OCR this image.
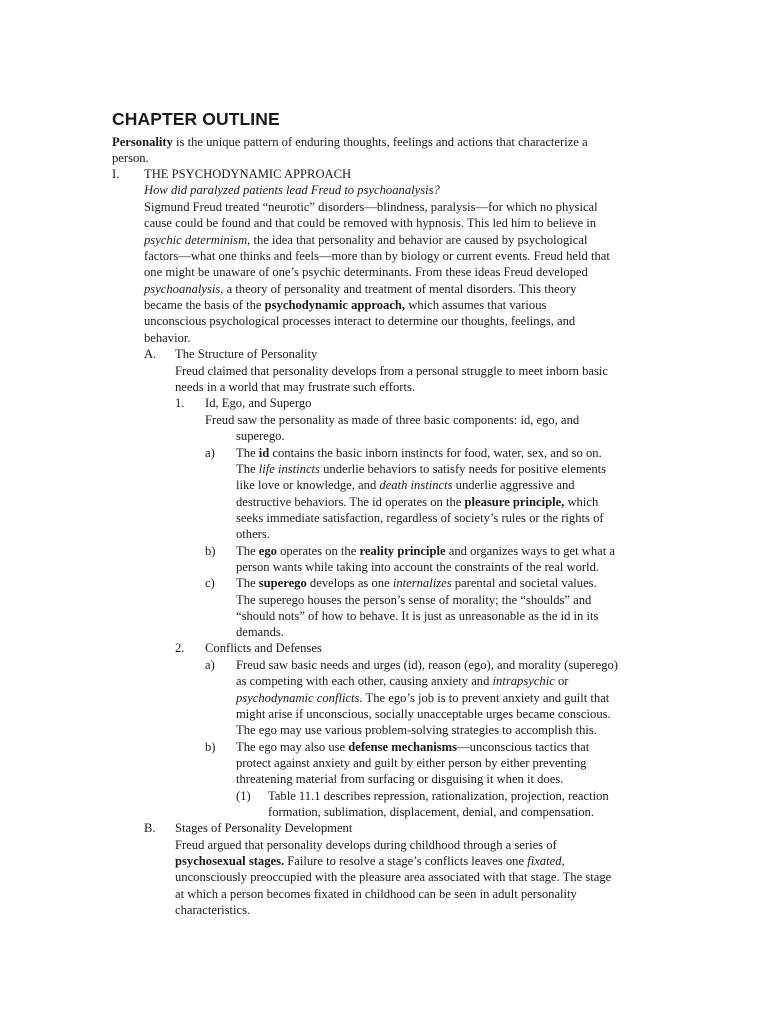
CHAPTER OUTLINE
Personality is the unique pattern of enduring thoughts, feelings and actions that characterize a
person.
I. THE PSYCHODYNAMIC APPROACH
How did paralyzed patients lead Freud to psychoanalysis?
Sigmund Freud treated “neurotic” disorders—blindness, paralysis—for which no physical
cause could be found and that could be removed with hypnosis. This led him to believe in
psychic determinism, the idea that personality and behavior are caused by psychological
factors—what one thinks and feels—more than by biology or current events. Freud held that
one might be unaware of one’s psychic determinants. From these ideas Freud developed
psychoanalysis, a theory of personality and treatment of mental disorders. This theory
became the basis of the psychodynamic approach, which assumes that various
unconscious psychological processes interact to determine our thoughts, feelings, and
behavior.
A. The Structure of Personality
Freud claimed that personality develops from a personal struggle to meet inborn basic
needs in a world that may frustrate such efforts.
1. Id, Ego, and Supergo
Freud saw the personality as made of three basic components: id, ego, and
superego.
a) The id contains the basic inborn instincts for food, water, sex, and so on.
The life instincts underlie behaviors to satisfy needs for positive elements
like love or knowledge, and death instincts underlie aggressive and
destructive behaviors. The id operates on the pleasure principle, which
seeks immediate satisfaction, regardless of society’s rules or the rights of
others.
b) The ego operates on the reality principle and organizes ways to get what a
person wants while taking into account the constraints of the real world.
c) The superego develops as one internalizes parental and societal values.
The superego houses the person’s sense of morality; the “shoulds” and
“should nots” of how to behave. It is just as unreasonable as the id in its
demands.
2. Conflicts and Defenses
a) Freud saw basic needs and urges (id), reason (ego), and morality (superego)
as competing with each other, causing anxiety and intrapsychic or
psychodynamic conflicts. The ego’s job is to prevent anxiety and guilt that
might arise if unconscious, socially unacceptable urges became conscious.
The ego may use various problem-solving strategies to accomplish this.
b) The ego may also use defense mechanisms—unconscious tactics that
protect against anxiety and guilt by either person by either preventing
threatening material from surfacing or disguising it when it does.
(1) Table 11.1 describes repression, rationalization, projection, reaction
formation, sublimation, displacement, denial, and compensation.
B. Stages of Personality Development
Freud argued that personality develops during childhood through a series of
psychosexual stages. Failure to resolve a stage’s conflicts leaves one fixated,
unconsciously preoccupied with the pleasure area associated with that stage. The stage
at which a person becomes fixated in childhood can be seen in adult personality
characteristics.
